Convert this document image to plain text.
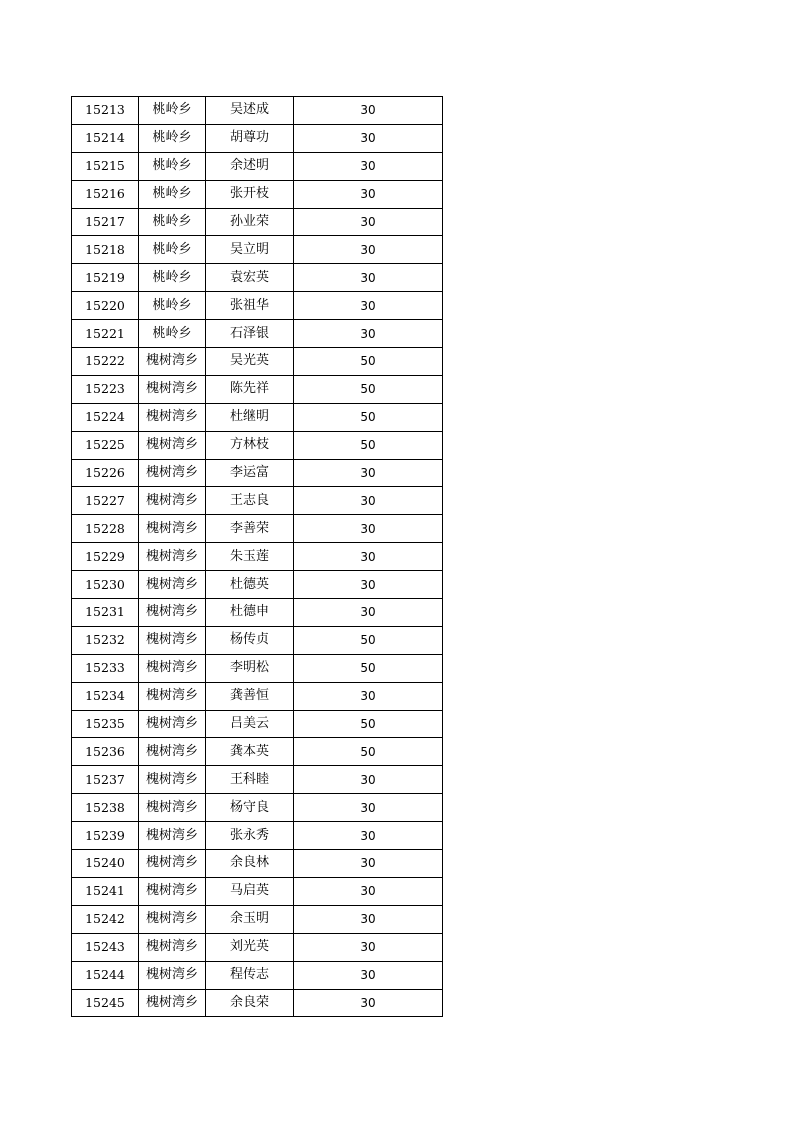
15213	桃岭乡	吴述成	30
15214	桃岭乡	胡尊功	30
15215	桃岭乡	余述明	30
15216	桃岭乡	张开枝	30
15217	桃岭乡	孙业荣	30
15218	桃岭乡	吴立明	30
15219	桃岭乡	袁宏英	30
15220	桃岭乡	张祖华	30
15221	桃岭乡	石泽银	30
15222	槐树湾乡	吴光英	50
15223	槐树湾乡	陈先祥	50
15224	槐树湾乡	杜继明	50
15225	槐树湾乡	方林枝	50
15226	槐树湾乡	李运富	30
15227	槐树湾乡	王志良	30
15228	槐树湾乡	李善荣	30
15229	槐树湾乡	朱玉莲	30
15230	槐树湾乡	杜德英	30
15231	槐树湾乡	杜德申	30
15232	槐树湾乡	杨传贞	50
15233	槐树湾乡	李明松	50
15234	槐树湾乡	龚善恒	30
15235	槐树湾乡	吕美云	50
15236	槐树湾乡	龚本英	50
15237	槐树湾乡	王科睦	30
15238	槐树湾乡	杨守良	30
15239	槐树湾乡	张永秀	30
15240	槐树湾乡	余良林	30
15241	槐树湾乡	马启英	30
15242	槐树湾乡	余玉明	30
15243	槐树湾乡	刘光英	30
15244	槐树湾乡	程传志	30
15245	槐树湾乡	余良荣	30
